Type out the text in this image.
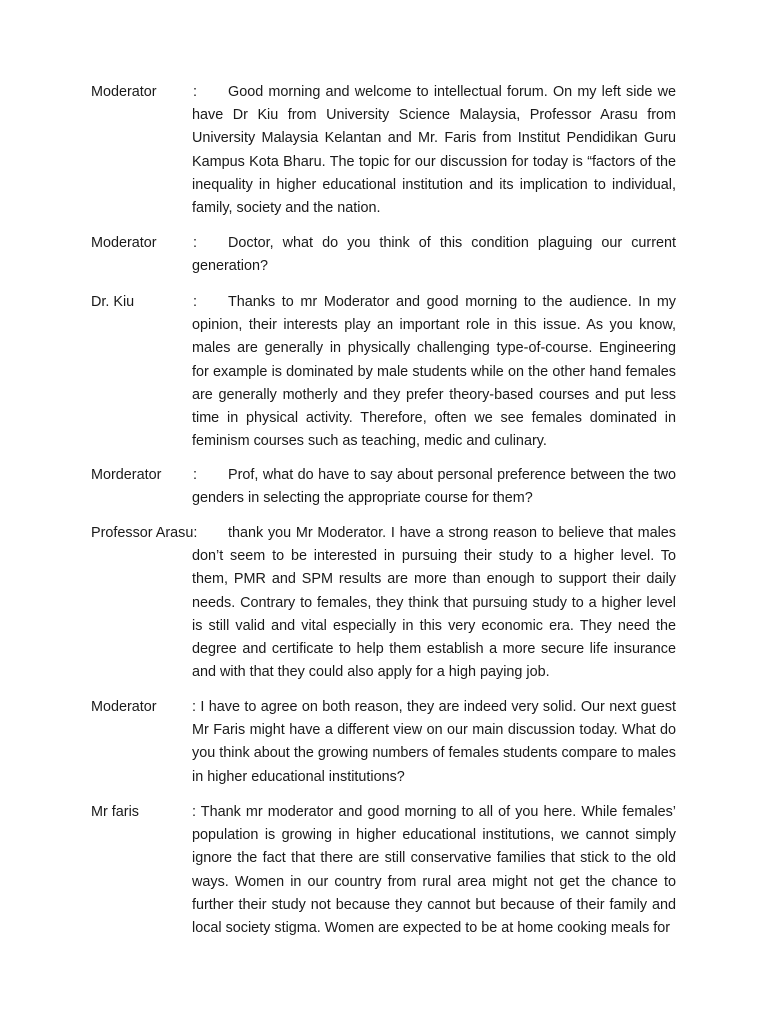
Moderator	:	Good morning and welcome to intellectual forum. On my left side we have Dr Kiu from University Science Malaysia, Professor Arasu from University Malaysia Kelantan and Mr. Faris from Institut Pendidikan Guru Kampus Kota Bharu. The topic for our discussion for today is “factors of the inequality in higher educational institution and its implication to individual, family, society and the nation.

Moderator	:	Doctor, what do you think of this condition plaguing our current generation?

Dr. Kiu	:	Thanks to mr Moderator and good morning to the audience. In my opinion, their interests play an important role in this issue. As you know, males are generally in physically challenging type-of-course. Engineering for example is dominated by male students while on the other hand females are generally motherly and they prefer theory-based courses and put less time in physical activity. Therefore, often we see females dominated in feminism courses such as teaching, medic and culinary.

Morderator :	Prof, what do have to say about personal preference between the two genders in selecting the appropriate course for them?

Professor Arasu:	thank you Mr Moderator. I have a strong reason to believe that males don’t seem to be interested in pursuing their study to a higher level. To them, PMR and SPM results are more than enough to support their daily needs. Contrary to females, they think that pursuing study to a higher level is still valid and vital especially in this very economic era. They need the degree and certificate to help them establish a more secure life insurance and with that they could also apply for a high paying job.

Moderator : I have to agree on both reason, they are indeed very solid. Our next guest Mr Faris might have a different view on our main discussion today. What do you think about the growing numbers of females students compare to males in higher educational institutions?

Mr faris	: Thank mr moderator and good morning to all of you here. While females’ population is growing in higher educational institutions, we cannot simply ignore the fact that there are still conservative families that stick to the old ways. Women in our country from rural area might not get the chance to further their study not because they cannot but because of their family and local society stigma. Women are expected to be at home cooking meals for
